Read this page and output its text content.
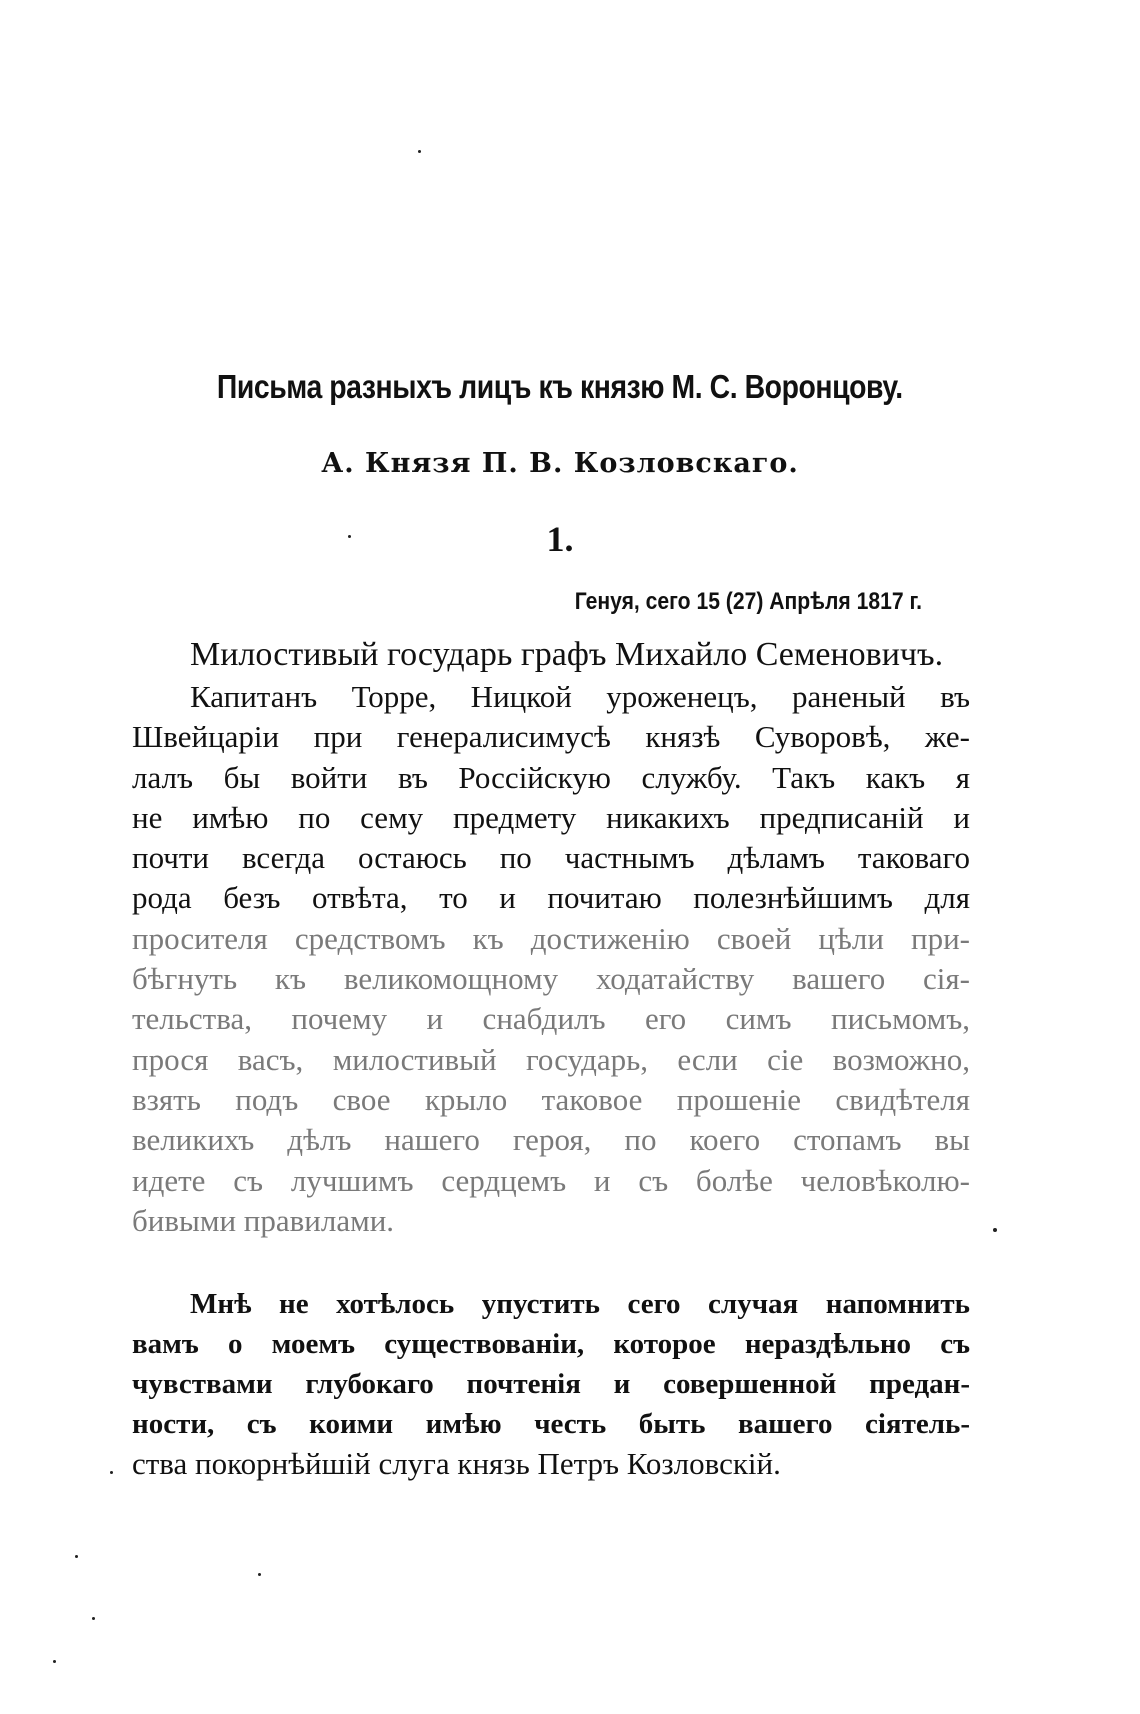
Письма разныхъ лицъ къ князю М. С. Воронцову.
А. Князя П. В. Козловскаго.
1.
Генуя, сего 15 (27) Апрѣля 1817 г.
Милостивый государь графъ Михайло Семеновичъ.
Капитанъ Торре, Ницкой уроженецъ, раненый въ
Швейцаріи при генералисимусѣ князѣ Суворовѣ, же-
лалъ бы войти въ Россійскую службу. Такъ какъ я
не имѣю по сему предмету никакихъ предписаній и
почти всегда остаюсь по частнымъ дѣламъ таковаго
рода безъ отвѣта, то и почитаю полезнѣйшимъ для
просителя средствомъ къ достиженію своей цѣли при-
бѣгнуть къ великомощному ходатайству вашего сія-
тельства, почему и снабдилъ его симъ письмомъ,
прося васъ, милостивый государь, если сіе возможно,
взять подъ свое крыло таковое прошеніе свидѣтеля
великихъ дѣлъ нашего героя, по коего стопамъ вы
идете съ лучшимъ сердцемъ и съ болѣе человѣколю-
бивыми правилами.
Мнѣ не хотѣлось упустить сего случая напомнить
вамъ о моемъ существованіи, которое нераздѣльно съ
чувствами глубокаго почтенія и совершенной предан-
ности, съ коими имѣю честь быть вашего сіятель-
ства покорнѣйшій слуга князь Петръ Козловскій.
